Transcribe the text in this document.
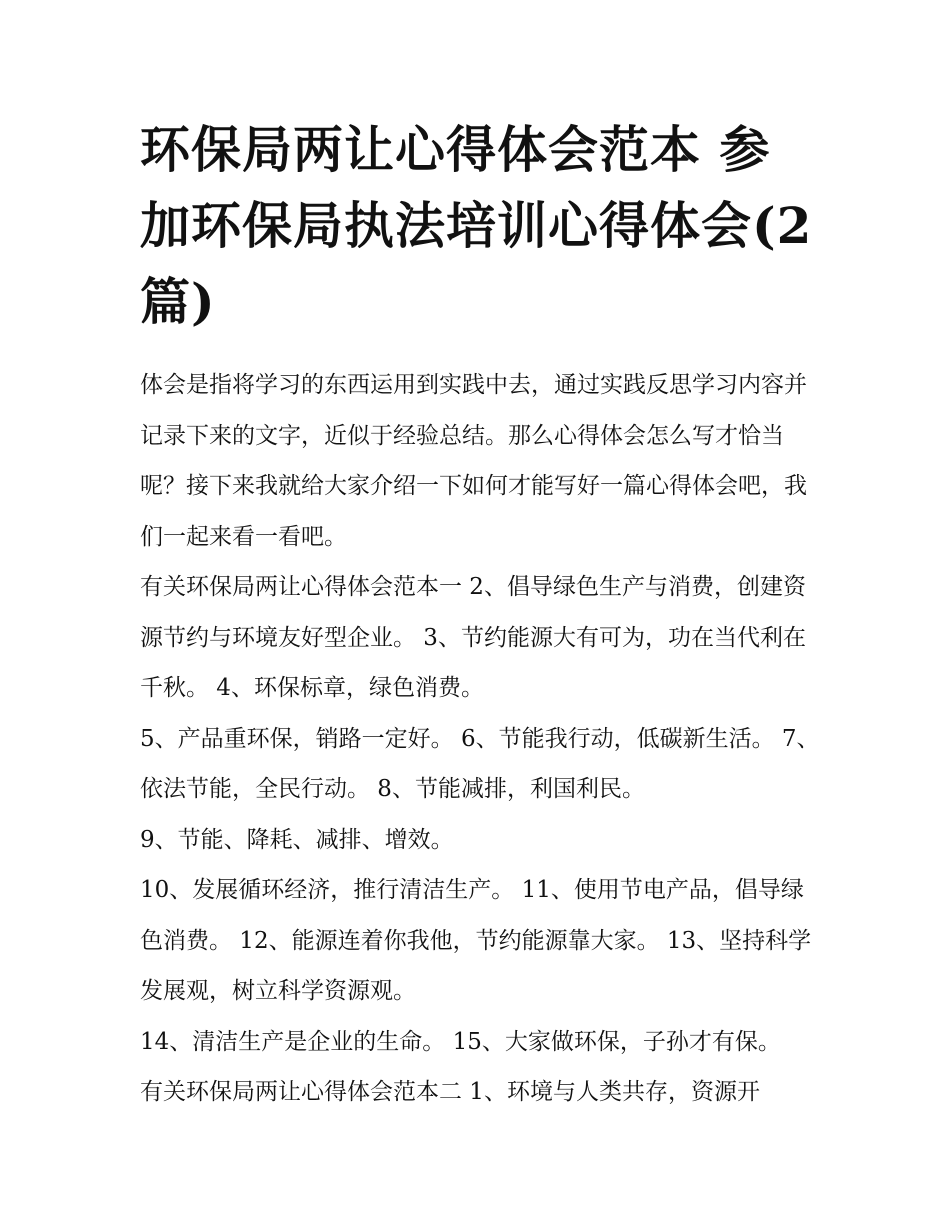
环保局两让心得体会范本 参加环保局执法培训心得体会(2篇)

体会是指将学习的东西运用到实践中去，通过实践反思学习内容并记录下来的文字，近似于经验总结。那么心得体会怎么写才恰当呢？接下来我就给大家介绍一下如何才能写好一篇心得体会吧，我们一起来看一看吧。

有关环保局两让心得体会范本一 2、倡导绿色生产与消费，创建资源节约与环境友好型企业。 3、节约能源大有可为，功在当代利在千秋。 4、环保标章，绿色消费。

5、产品重环保，销路一定好。 6、节能我行动，低碳新生活。 7、依法节能，全民行动。 8、节能减排，利国利民。

9、节能、降耗、减排、增效。

10、发展循环经济，推行清洁生产。 11、使用节电产品，倡导绿色消费。 12、能源连着你我他，节约能源靠大家。 13、坚持科学发展观，树立科学资源观。

14、清洁生产是企业的生命。 15、大家做环保，子孙才有保。

有关环保局两让心得体会范本二 1、环境与人类共存，资源开
